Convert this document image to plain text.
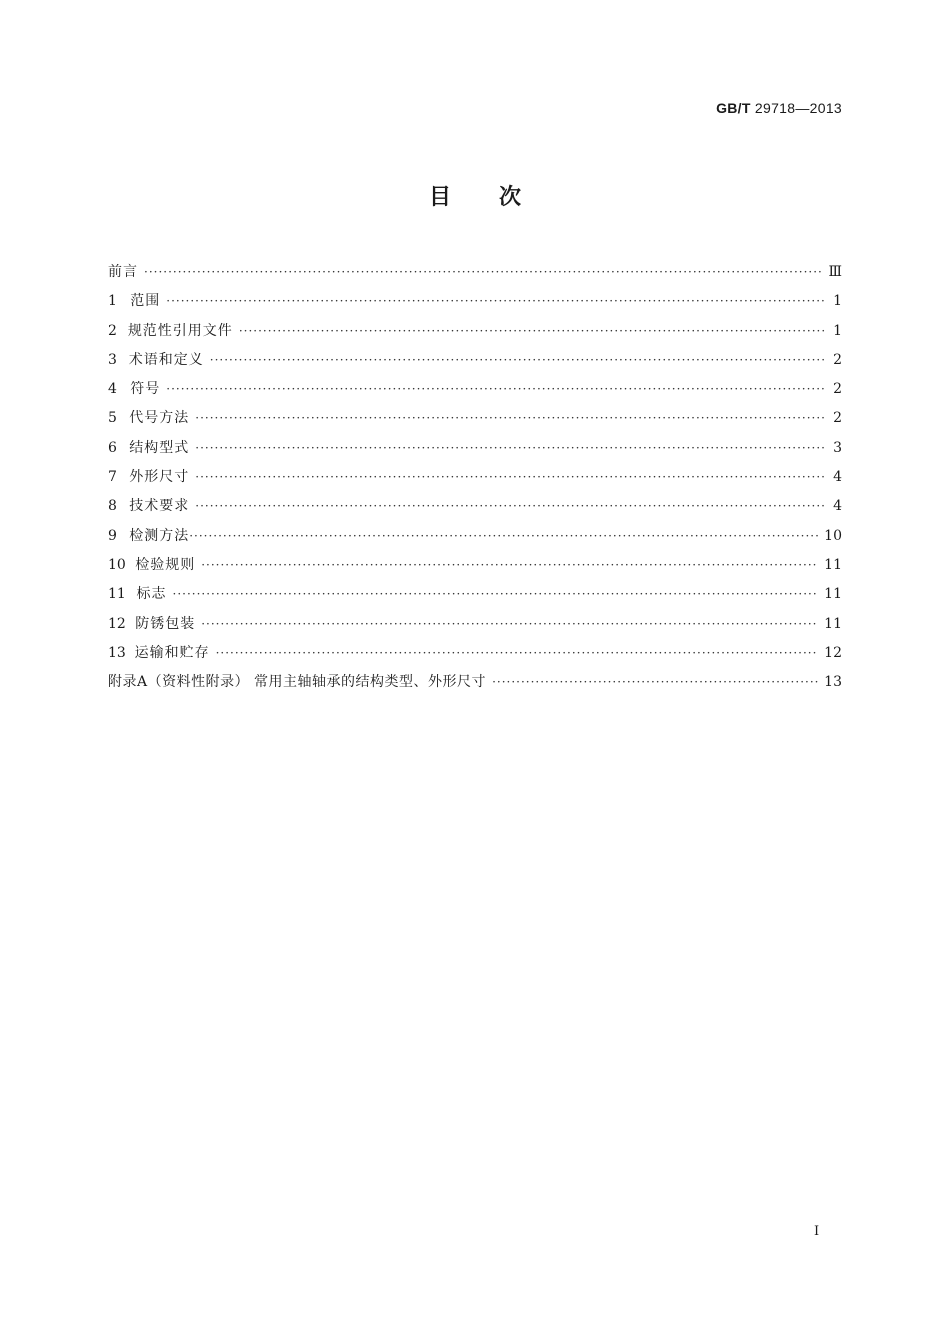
GB/T 29718—2013
目次
前言 ·····	Ⅲ
1 范围 ·····	1
2 规范性引用文件 ·····	1
3 术语和定义 ·····	2
4 符号 ·····	2
5 代号方法 ·····	2
6 结构型式 ·····	3
7 外形尺寸 ·····	4
8 技术要求 ·····	4
9 检测方法 ·····	10
10 检验规则 ·····	11
11 标志 ·····	11
12 防锈包装 ·····	11
13 运输和贮存 ·····	12
附录A（资料性附录） 常用主轴轴承的结构类型、外形尺寸 ·····	13
Ⅰ
